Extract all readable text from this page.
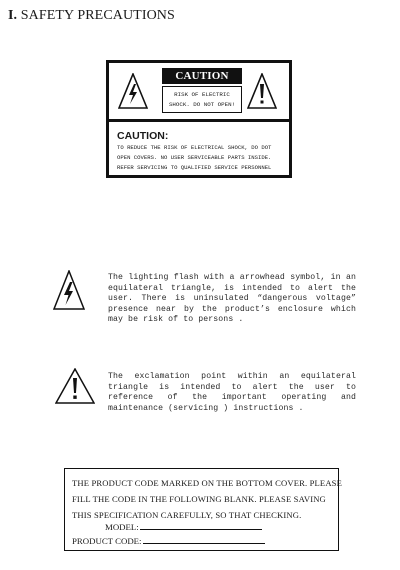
I. SAFETY PRECAUTIONS
CAUTION
RISK OF ELECTRIC
SHOCK. DO NOT OPEN!

CAUTION:

TO REDUCE THE RISK OF ELECTRICAL SHOCK, DO DOT

OPEN COVERS. NO USER SERVICEABLE PARTS INSIDE.

REFER SERVICING TO QUALIFIED SERVICE PERSONNEL

The lighting flash with a arrowhead symbol, in an equilateral triangle, is intended to alert the user. There is uninsulated “dangerous voltage” presence near by the product’s enclosure which may be risk of to persons .

The exclamation point within an equilateral triangle is intended to alert the user to reference of the important operating and maintenance (servicing ) instructions .

THE PRODUCT CODE MARKED ON THE BOTTOM COVER. PLEASE
FILL THE CODE IN THE FOLLOWING BLANK. PLEASE SAVING
THIS SPECIFICATION CAREFULLY, SO THAT CHECKING.
MODEL:
PRODUCT CODE:
